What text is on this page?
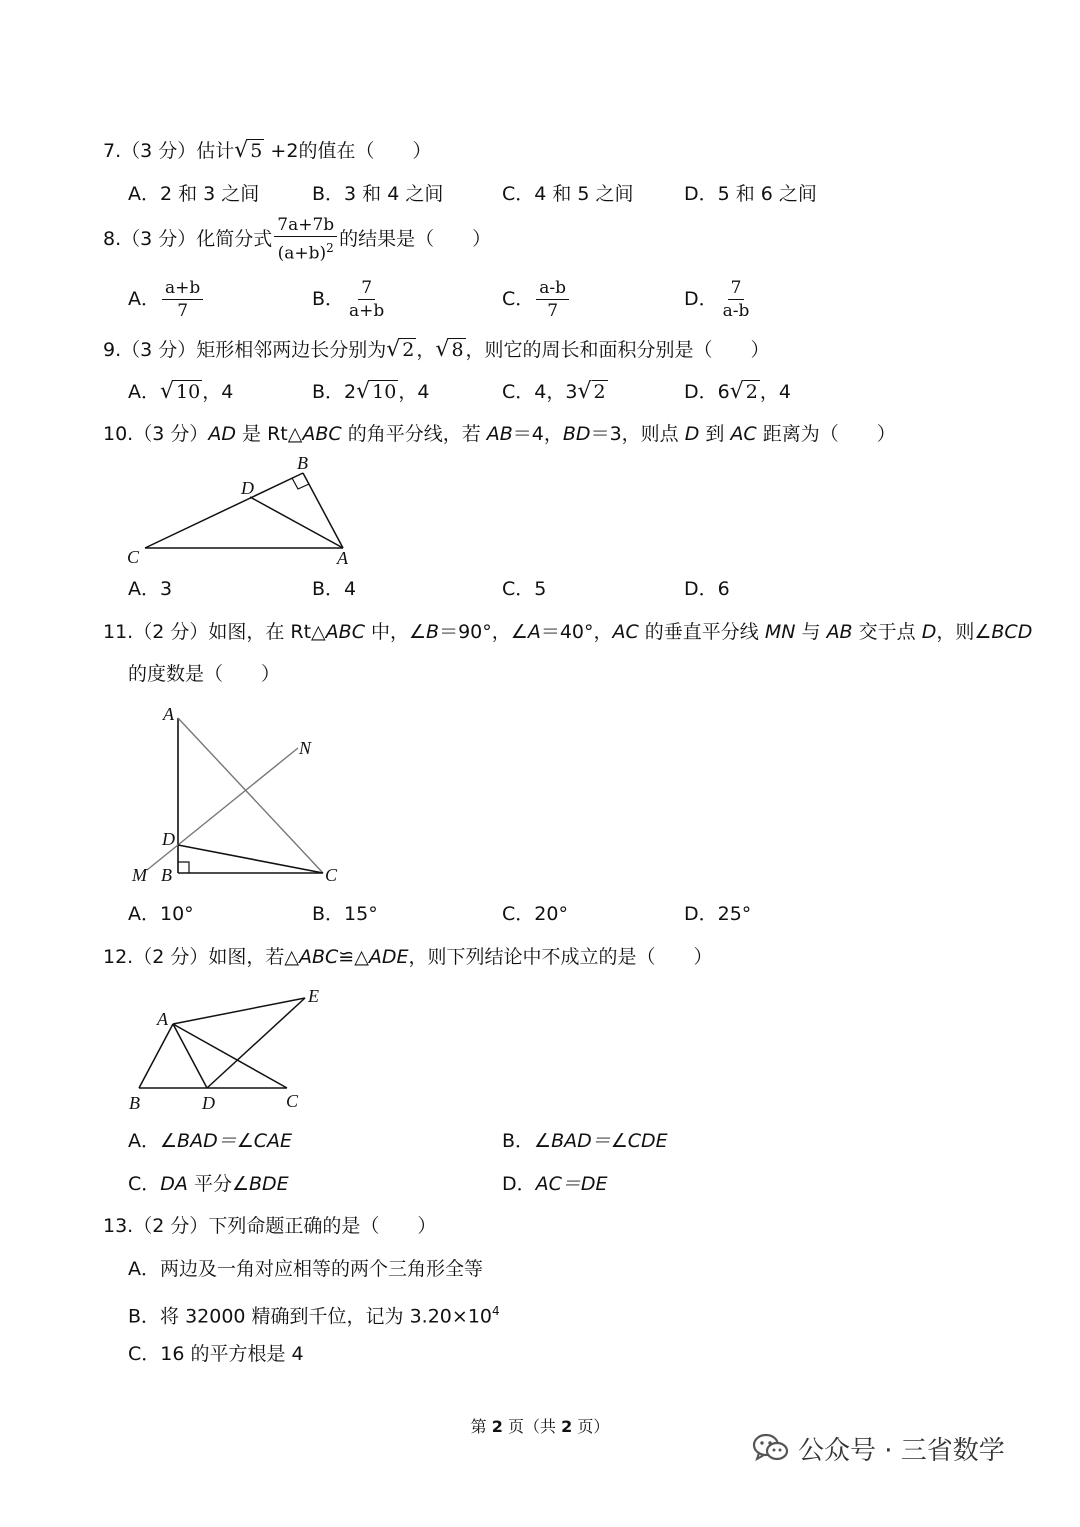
7.（3 分）估计√ 5 +2的值在（　　）
A．2 和 3 之间	B．3 和 4 之间	C．4 和 5 之间	D．5 和 6 之间
8.（3 分）化简分式 $\frac{7a+7b}{(a+b)^2}$ 的结果是（　　）
A． $\frac{a+b}{7}$	B． $\frac{7}{a+b}$	C． $\frac{a-b}{7}$	D． $\frac{7}{a-b}$
9.（3 分）矩形相邻两边长分别为√ 2 ，√ 8 ，则它的周长和面积分别是（　　）
A．√ 10 ，4	B．2√ 10 ，4	C．4，3√ 2	D．6√ 2 ，4
10.（3 分）AD 是 Rt△ABC 的角平分线，若 AB＝4，BD＝3，则点 D 到 AC 距离为（　　）
B
D
C	A
A．3	B．4	C．5	D．6
11.（2 分）如图，在 Rt△ABC 中，∠B＝90°，∠A＝40°，AC 的垂直平分线 MN 与 AB 交于点 D，则∠BCD
的度数是（　　）
A
N
D
M B	C
A．10°	B．15°	C．20°	D．25°
12.（2 分）如图，若△ABC≌△ADE，则下列结论中不成立的是（　　）
A
E
B	D	C
A．∠BAD＝∠CAE	B．∠BAD＝∠CDE
C．DA 平分∠BDE	D．AC＝DE
13.（2 分）下列命题正确的是（　　）
A．两边及一角对应相等的两个三角形全等
B．将 32000 精确到千位，记为 $3.20\times 10^4$
C．16 的平方根是 4
第 2 页（共 2 页）
公众号 · 三省数学
